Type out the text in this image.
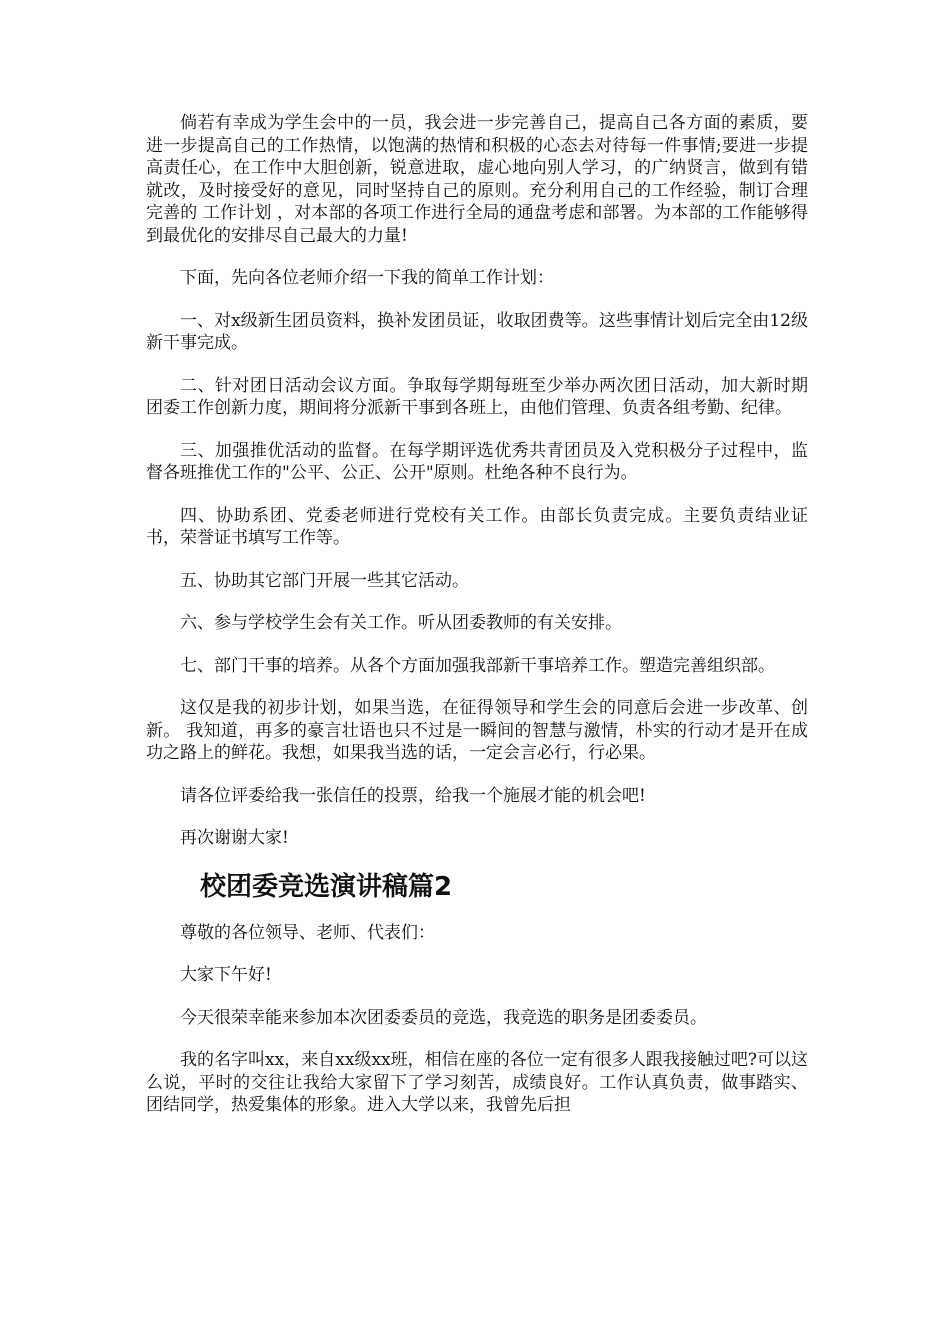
倘若有幸成为学生会中的一员，我会进一步完善自己，提高自己各方面的素质，要进一步提高自己的工作热情，以饱满的热情和积极的心态去对待每一件事情;要进一步提高责任心，在工作中大胆创新，锐意进取，虚心地向别人学习，的广纳贤言，做到有错就改，及时接受好的意见，同时坚持自己的原则。充分利用自己的工作经验，制订合理完善的 工作计划 ，对本部的各项工作进行全局的通盘考虑和部署。为本部的工作能够得到最优化的安排尽自己最大的力量!

下面，先向各位老师介绍一下我的简单工作计划：

一、对x级新生团员资料，换补发团员证，收取团费等。这些事情计划后完全由12级新干事完成。

二、针对团日活动会议方面。争取每学期每班至少举办两次团日活动，加大新时期团委工作创新力度，期间将分派新干事到各班上，由他们管理、负责各组考勤、纪律。

三、加强推优活动的监督。在每学期评选优秀共青团员及入党积极分子过程中，监督各班推优工作的"公平、公正、公开"原则。杜绝各种不良行为。

四、协助系团、党委老师进行党校有关工作。由部长负责完成。主要负责结业证书，荣誉证书填写工作等。

五、协助其它部门开展一些其它活动。

六、参与学校学生会有关工作。听从团委教师的有关安排。

七、部门干事的培养。从各个方面加强我部新干事培养工作。塑造完善组织部。

这仅是我的初步计划，如果当选，在征得领导和学生会的同意后会进一步改革、创新。 我知道，再多的豪言壮语也只不过是一瞬间的智慧与激情，朴实的行动才是开在成功之路上的鲜花。我想，如果我当选的话，一定会言必行，行必果。

请各位评委给我一张信任的投票，给我一个施展才能的机会吧!

再次谢谢大家!

校团委竞选演讲稿篇2

尊敬的各位领导、老师、代表们：

大家下午好!

今天很荣幸能来参加本次团委委员的竞选，我竞选的职务是团委委员。

我的名字叫xx，来自xx级xx班，相信在座的各位一定有很多人跟我接触过吧?可以这么说，平时的交往让我给大家留下了学习刻苦，成绩良好。工作认真负责，做事踏实、团结同学，热爱集体的形象。进入大学以来，我曾先后担
